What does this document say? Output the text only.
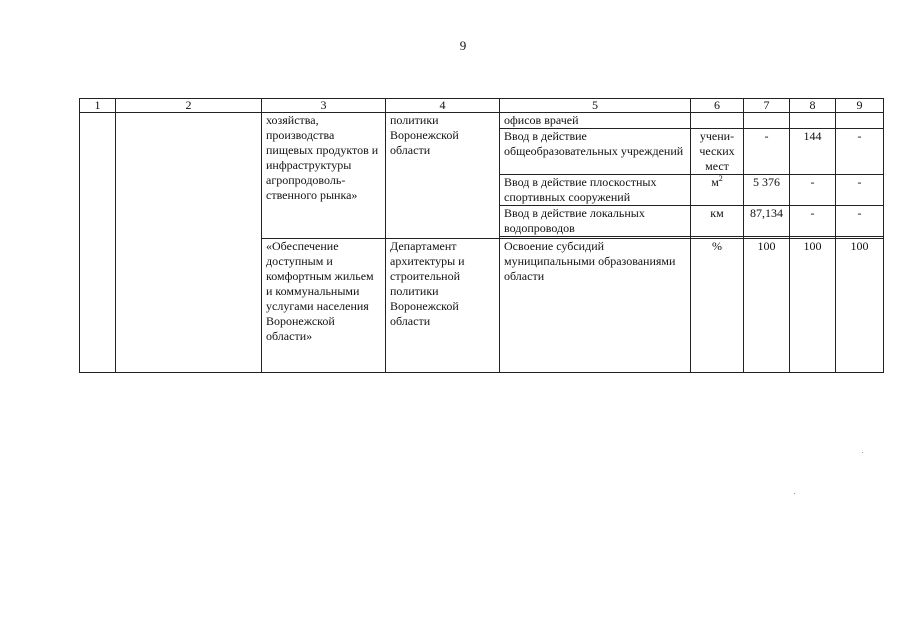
9
1	2	3	4	5	6	7	8	9
		хозяйства, производства пищевых продуктов и инфраструктуры агропродоволь-ственного рынка»	политики Воронежской области	офисов врачей				
				Ввод в действие общеобразовательных учреждений	учени-ческих мест	-	144	-
				Ввод в действие плоскостных спортивных сооружений	$м^2$	5 376	-	-
				Ввод в действие локальных водопроводов	км	87,134	-	-

		«Обеспечение доступным и комфортным жильем и коммунальными услугами населения Воронежской области»	Департамент архитектуры и строительной политики Воронежской области	Освоение субсидий муниципальными образованиями области	%	100	100	100
